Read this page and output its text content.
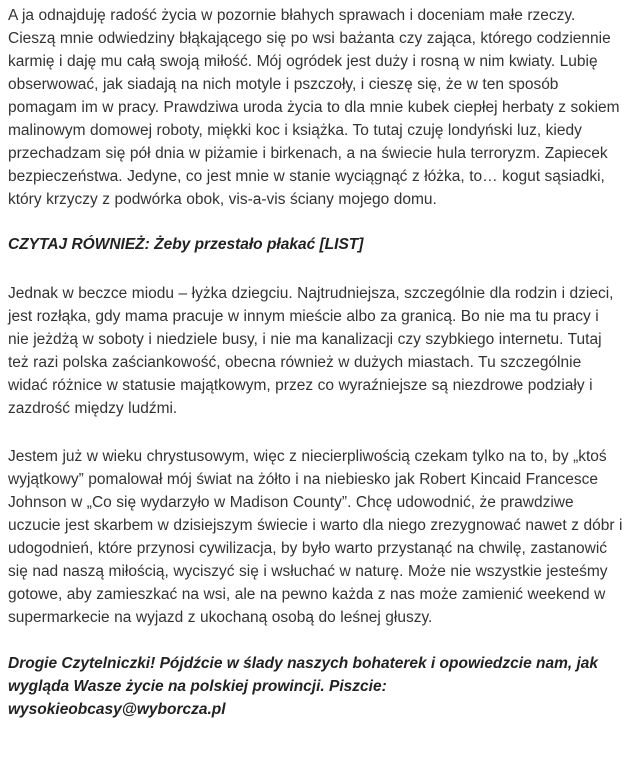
A ja odnajduję radość życia w pozornie błahych sprawach i doceniam małe rzeczy. Cieszą mnie odwiedziny błąkającego się po wsi bażanta czy zająca, którego codziennie karmię i daję mu całą swoją miłość. Mój ogródek jest duży i rosną w nim kwiaty. Lubię obserwować, jak siadają na nich motyle i pszczoły, i cieszę się, że w ten sposób pomagam im w pracy. Prawdziwa uroda życia to dla mnie kubek ciepłej herbaty z sokiem malinowym domowej roboty, miękki koc i książka. To tutaj czuję londyński luz, kiedy przechadzam się pół dnia w piżamie i birkenach, a na świecie hula terroryzm. Zapiecek bezpieczeństwa. Jedyne, co jest mnie w stanie wyciągnąć z łóżka, to… kogut sąsiadki, który krzyczy z podwórka obok, vis-a-vis ściany mojego domu.

CZYTAJ RÓWNIEŻ: Żeby przestało płakać [LIST]

Jednak w beczce miodu – łyżka dziegciu. Najtrudniejsza, szczególnie dla rodzin i dzieci, jest rozłąka, gdy mama pracuje w innym mieście albo za granicą. Bo nie ma tu pracy i nie jeżdżą w soboty i niedziele busy, i nie ma kanalizacji czy szybkiego internetu. Tutaj też razi polska zaściankowość, obecna również w dużych miastach. Tu szczególnie widać różnice w statusie majątkowym, przez co wyraźniejsze są niezdrowe podziały i zazdrość między ludźmi.

Jestem już w wieku chrystusowym, więc z niecierpliwością czekam tylko na to, by „ktoś wyjątkowy” pomalował mój świat na żółto i na niebiesko jak Robert Kincaid Francesce Johnson w „Co się wydarzyło w Madison County”. Chcę udowodnić, że prawdziwe uczucie jest skarbem w dzisiejszym świecie i warto dla niego zrezygnować nawet z dóbr i udogodnień, które przynosi cywilizacja, by było warto przystanąć na chwilę, zastanowić się nad naszą miłością, wyciszyć się i wsłuchać w naturę. Może nie wszystkie jesteśmy gotowe, aby zamieszkać na wsi, ale na pewno każda z nas może zamienić weekend w supermarkecie na wyjazd z ukochaną osobą do leśnej głuszy.

Drogie Czytelniczki! Pójdźcie w ślady naszych bohaterek i opowiedzcie nam, jak wygląda Wasze życie na polskiej prowincji. Piszcie:
wysokieobcasy@wyborcza.pl
